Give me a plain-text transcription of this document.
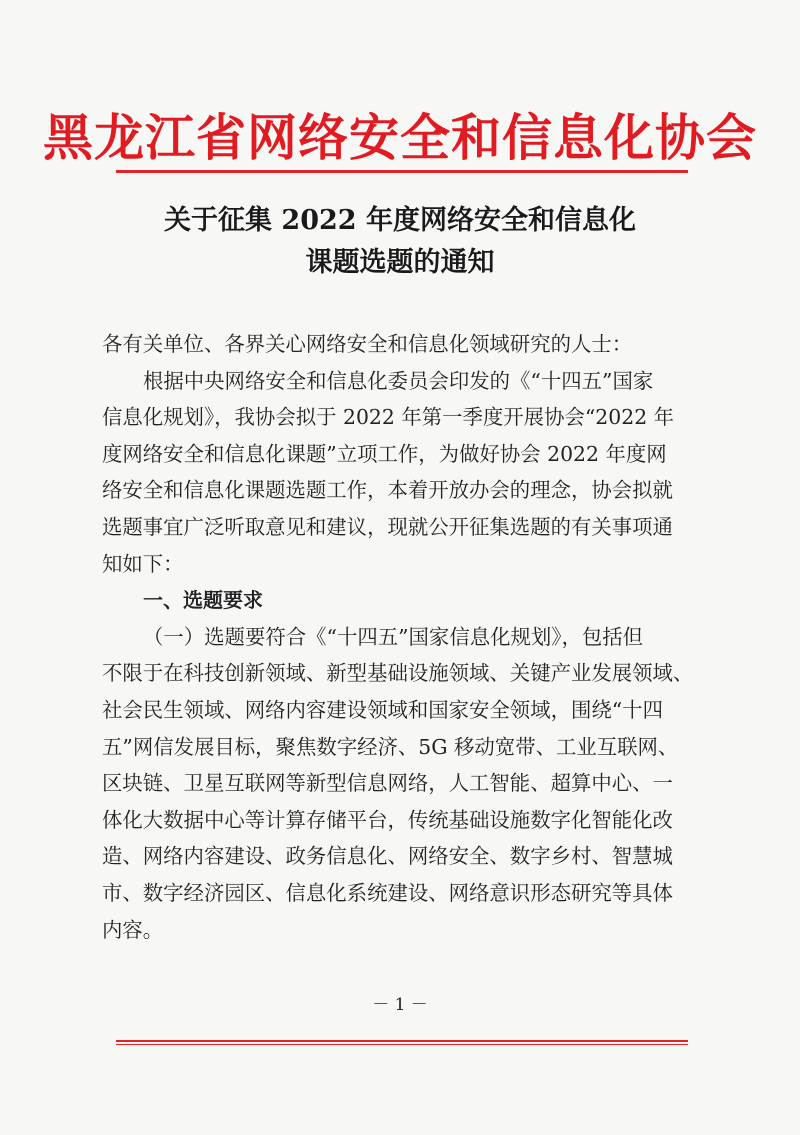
黑龙江省网络安全和信息化协会
关于征集 2022 年度网络安全和信息化
课题选题的通知
各有关单位、各界关心网络安全和信息化领域研究的人士：
根据中央网络安全和信息化委员会印发的《“十四五”国家
信息化规划》，我协会拟于 2022 年第一季度开展协会“2022 年
度网络安全和信息化课题”立项工作，为做好协会 2022 年度网
络安全和信息化课题选题工作，本着开放办会的理念，协会拟就
选题事宜广泛听取意见和建议，现就公开征集选题的有关事项通
知如下：
一、选题要求
（一）选题要符合《“十四五”国家信息化规划》，包括但
不限于在科技创新领域、新型基础设施领域、关键产业发展领域、
社会民生领域、网络内容建设领域和国家安全领域，围绕“十四
五”网信发展目标，聚焦数字经济、5G 移动宽带、工业互联网、
区块链、卫星互联网等新型信息网络，人工智能、超算中心、一
体化大数据中心等计算存储平台，传统基础设施数字化智能化改
造、网络内容建设、政务信息化、网络安全、数字乡村、智慧城
市、数字经济园区、信息化系统建设、网络意识形态研究等具体
内容。
－ 1 －
